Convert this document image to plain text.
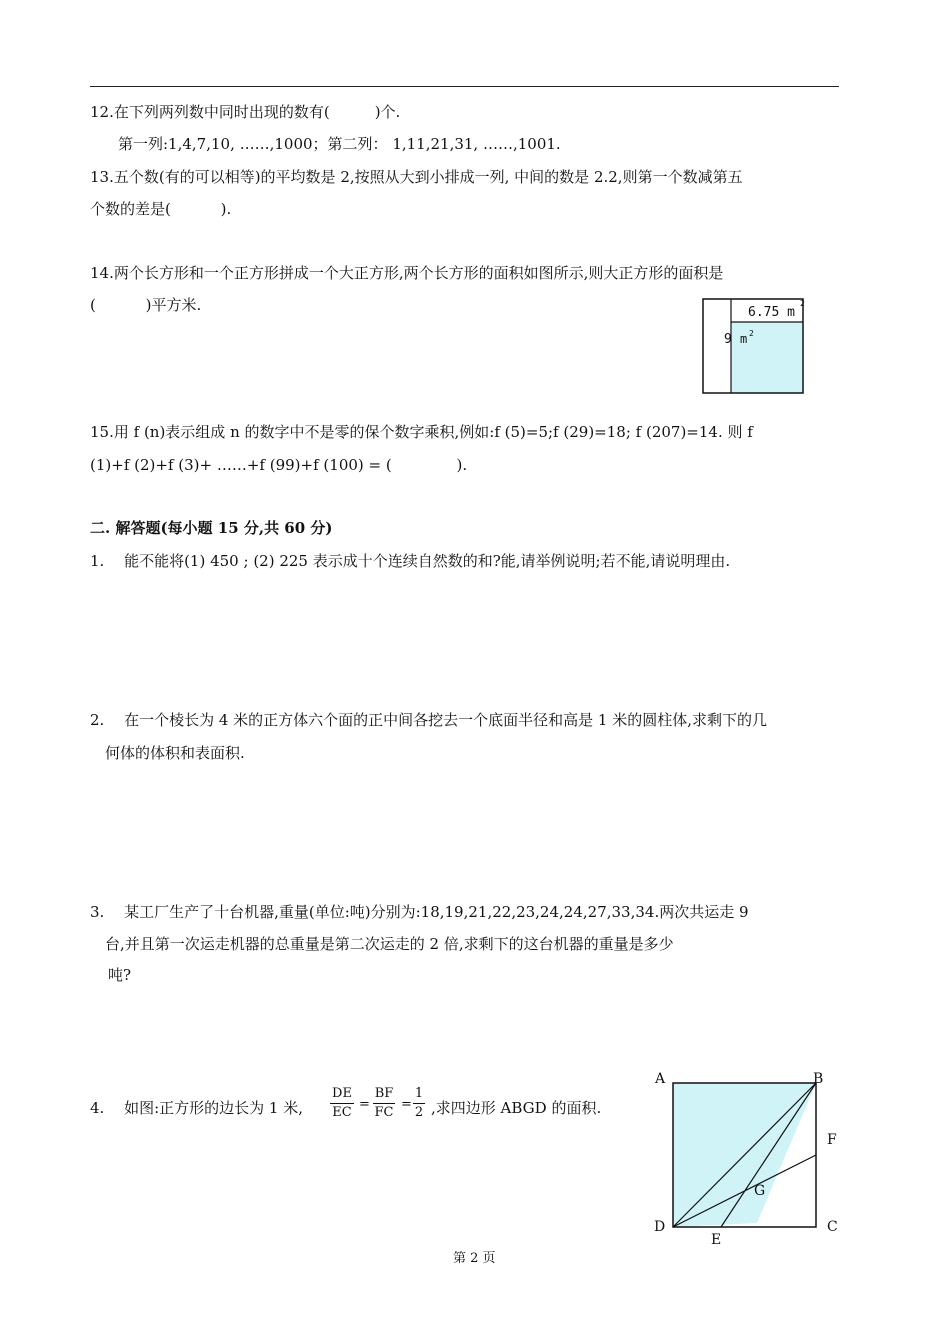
12.在下列两列数中同时出现的数有(　　　)个.
第一列:1,4,7,10, ……,1000；第二列： 1,11,21,31, ……,1001.
13.五个数(有的可以相等)的平均数是 2,按照从大到小排成一列, 中间的数是 2.2,则第一个数减第五
个数的差是(　　　 ).
14.两个长方形和一个正方形拼成一个大正方形,两个长方形的面积如图所示,则大正方形的面积是
(　　　 )平方米.	6.75 m
2
9 m 2
15.用 f (n)表示组成 n 的数字中不是零的保个数字乘积,例如:f (5)=5;f (29)=18; f (207)=14. 则 f
(1)+f (2)+f (3)+ ……+f (99)+f (100) = (　　　　 ).
二. 解答题(每小题 15 分,共 60 分)
1.　 能不能将(1) 450 ; (2) 225 表示成十个连续自然数的和?能,请举例说明;若不能,请说明理由.
2.　 在一个棱长为 4 米的正方体六个面的正中间各挖去一个底面半径和高是 1 米的圆柱体,求剩下的几
何体的体积和表面积.
3.　 某工厂生产了十台机器,重量(单位:吨)分别为:18,19,21,22,23,24,24,27,33,34.两次共运走 9
台,并且第一次运走机器的总重量是第二次运走的 2 倍,求剩下的这台机器的重量是多少
吨?
4.　 如图:正方形的边长为 1 米, $\frac{DE}{EC} = \frac{BF}{FC} = \frac{1}{2}$ ,求四边形 ABGD 的面积.
A	B
F
G
D	C
E
第 2 页
